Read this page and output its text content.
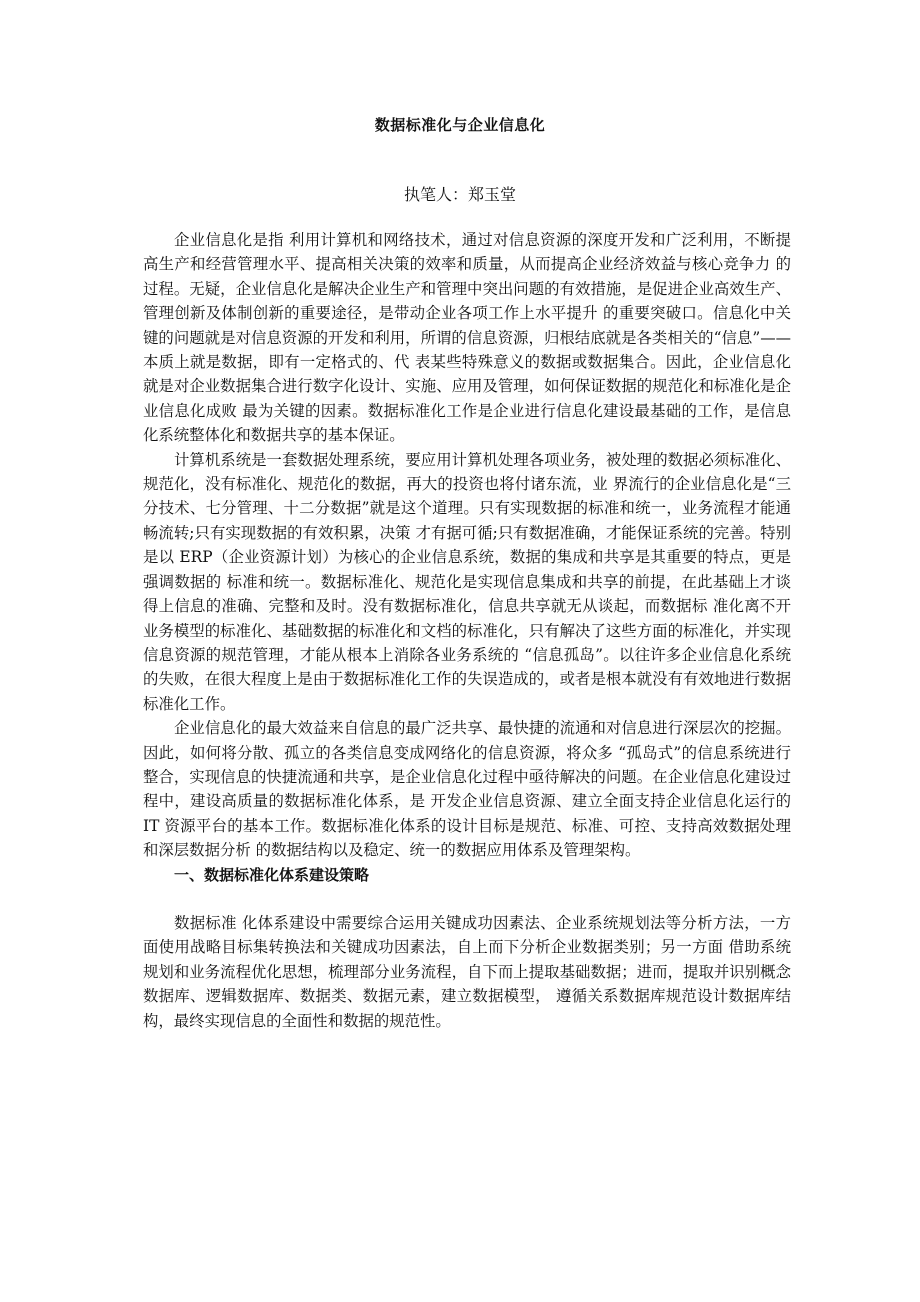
数据标准化与企业信息化
执笔人：郑玉堂

企业信息化是指 利用计算机和网络技术，通过对信息资源的深度开发和广泛利用，不断提高生产和经营管理水平、提高相关决策的效率和质量，从而提高企业经济效益与核心竞争力 的过程。无疑，企业信息化是解决企业生产和管理中突出问题的有效措施，是促进企业高效生产、管理创新及体制创新的重要途径，是带动企业各项工作上水平提升 的重要突破口。信息化中关键的问题就是对信息资源的开发和利用，所谓的信息资源，归根结底就是各类相关的“信息”——本质上就是数据，即有一定格式的、代 表某些特殊意义的数据或数据集合。因此，企业信息化就是对企业数据集合进行数字化设计、实施、应用及管理，如何保证数据的规范化和标准化是企业信息化成败 最为关键的因素。数据标准化工作是企业进行信息化建设最基础的工作，是信息化系统整体化和数据共享的基本保证。

计算机系统是一套数据处理系统，要应用计算机处理各项业务，被处理的数据必须标准化、规范化，没有标准化、规范化的数据，再大的投资也将付诸东流，业 界流行的企业信息化是“三分技术、七分管理、十二分数据”就是这个道理。只有实现数据的标准和统一，业务流程才能通畅流转;只有实现数据的有效积累，决策 才有据可循;只有数据准确，才能保证系统的完善。特别是以 ERP（企业资源计划）为核心的企业信息系统，数据的集成和共享是其重要的特点，更是强调数据的 标准和统一。数据标准化、规范化是实现信息集成和共享的前提，在此基础上才谈得上信息的准确、完整和及时。没有数据标准化，信息共享就无从谈起，而数据标 准化离不开业务模型的标准化、基础数据的标准化和文档的标准化，只有解决了这些方面的标准化，并实现信息资源的规范管理，才能从根本上消除各业务系统的 “信息孤岛”。以往许多企业信息化系统的失败，在很大程度上是由于数据标准化工作的失误造成的，或者是根本就没有有效地进行数据标准化工作。

企业信息化的最大效益来自信息的最广泛共享、最快捷的流通和对信息进行深层次的挖掘。因此，如何将分散、孤立的各类信息变成网络化的信息资源，将众多 “孤岛式”的信息系统进行整合，实现信息的快捷流通和共享，是企业信息化过程中亟待解决的问题。在企业信息化建设过程中，建设高质量的数据标准化体系，是 开发企业信息资源、建立全面支持企业信息化运行的 IT 资源平台的基本工作。数据标准化体系的设计目标是规范、标准、可控、支持高效数据处理和深层数据分析 的数据结构以及稳定、统一的数据应用体系及管理架构。

一、数据标准化体系建设策略

数据标准 化体系建设中需要综合运用关键成功因素法、企业系统规划法等分析方法，一方面使用战略目标集转换法和关键成功因素法，自上而下分析企业数据类别；另一方面 借助系统规划和业务流程优化思想，梳理部分业务流程，自下而上提取基础数据；进而，提取并识别概念数据库、逻辑数据库、数据类、数据元素，建立数据模型， 遵循关系数据库规范设计数据库结构，最终实现信息的全面性和数据的规范性。
